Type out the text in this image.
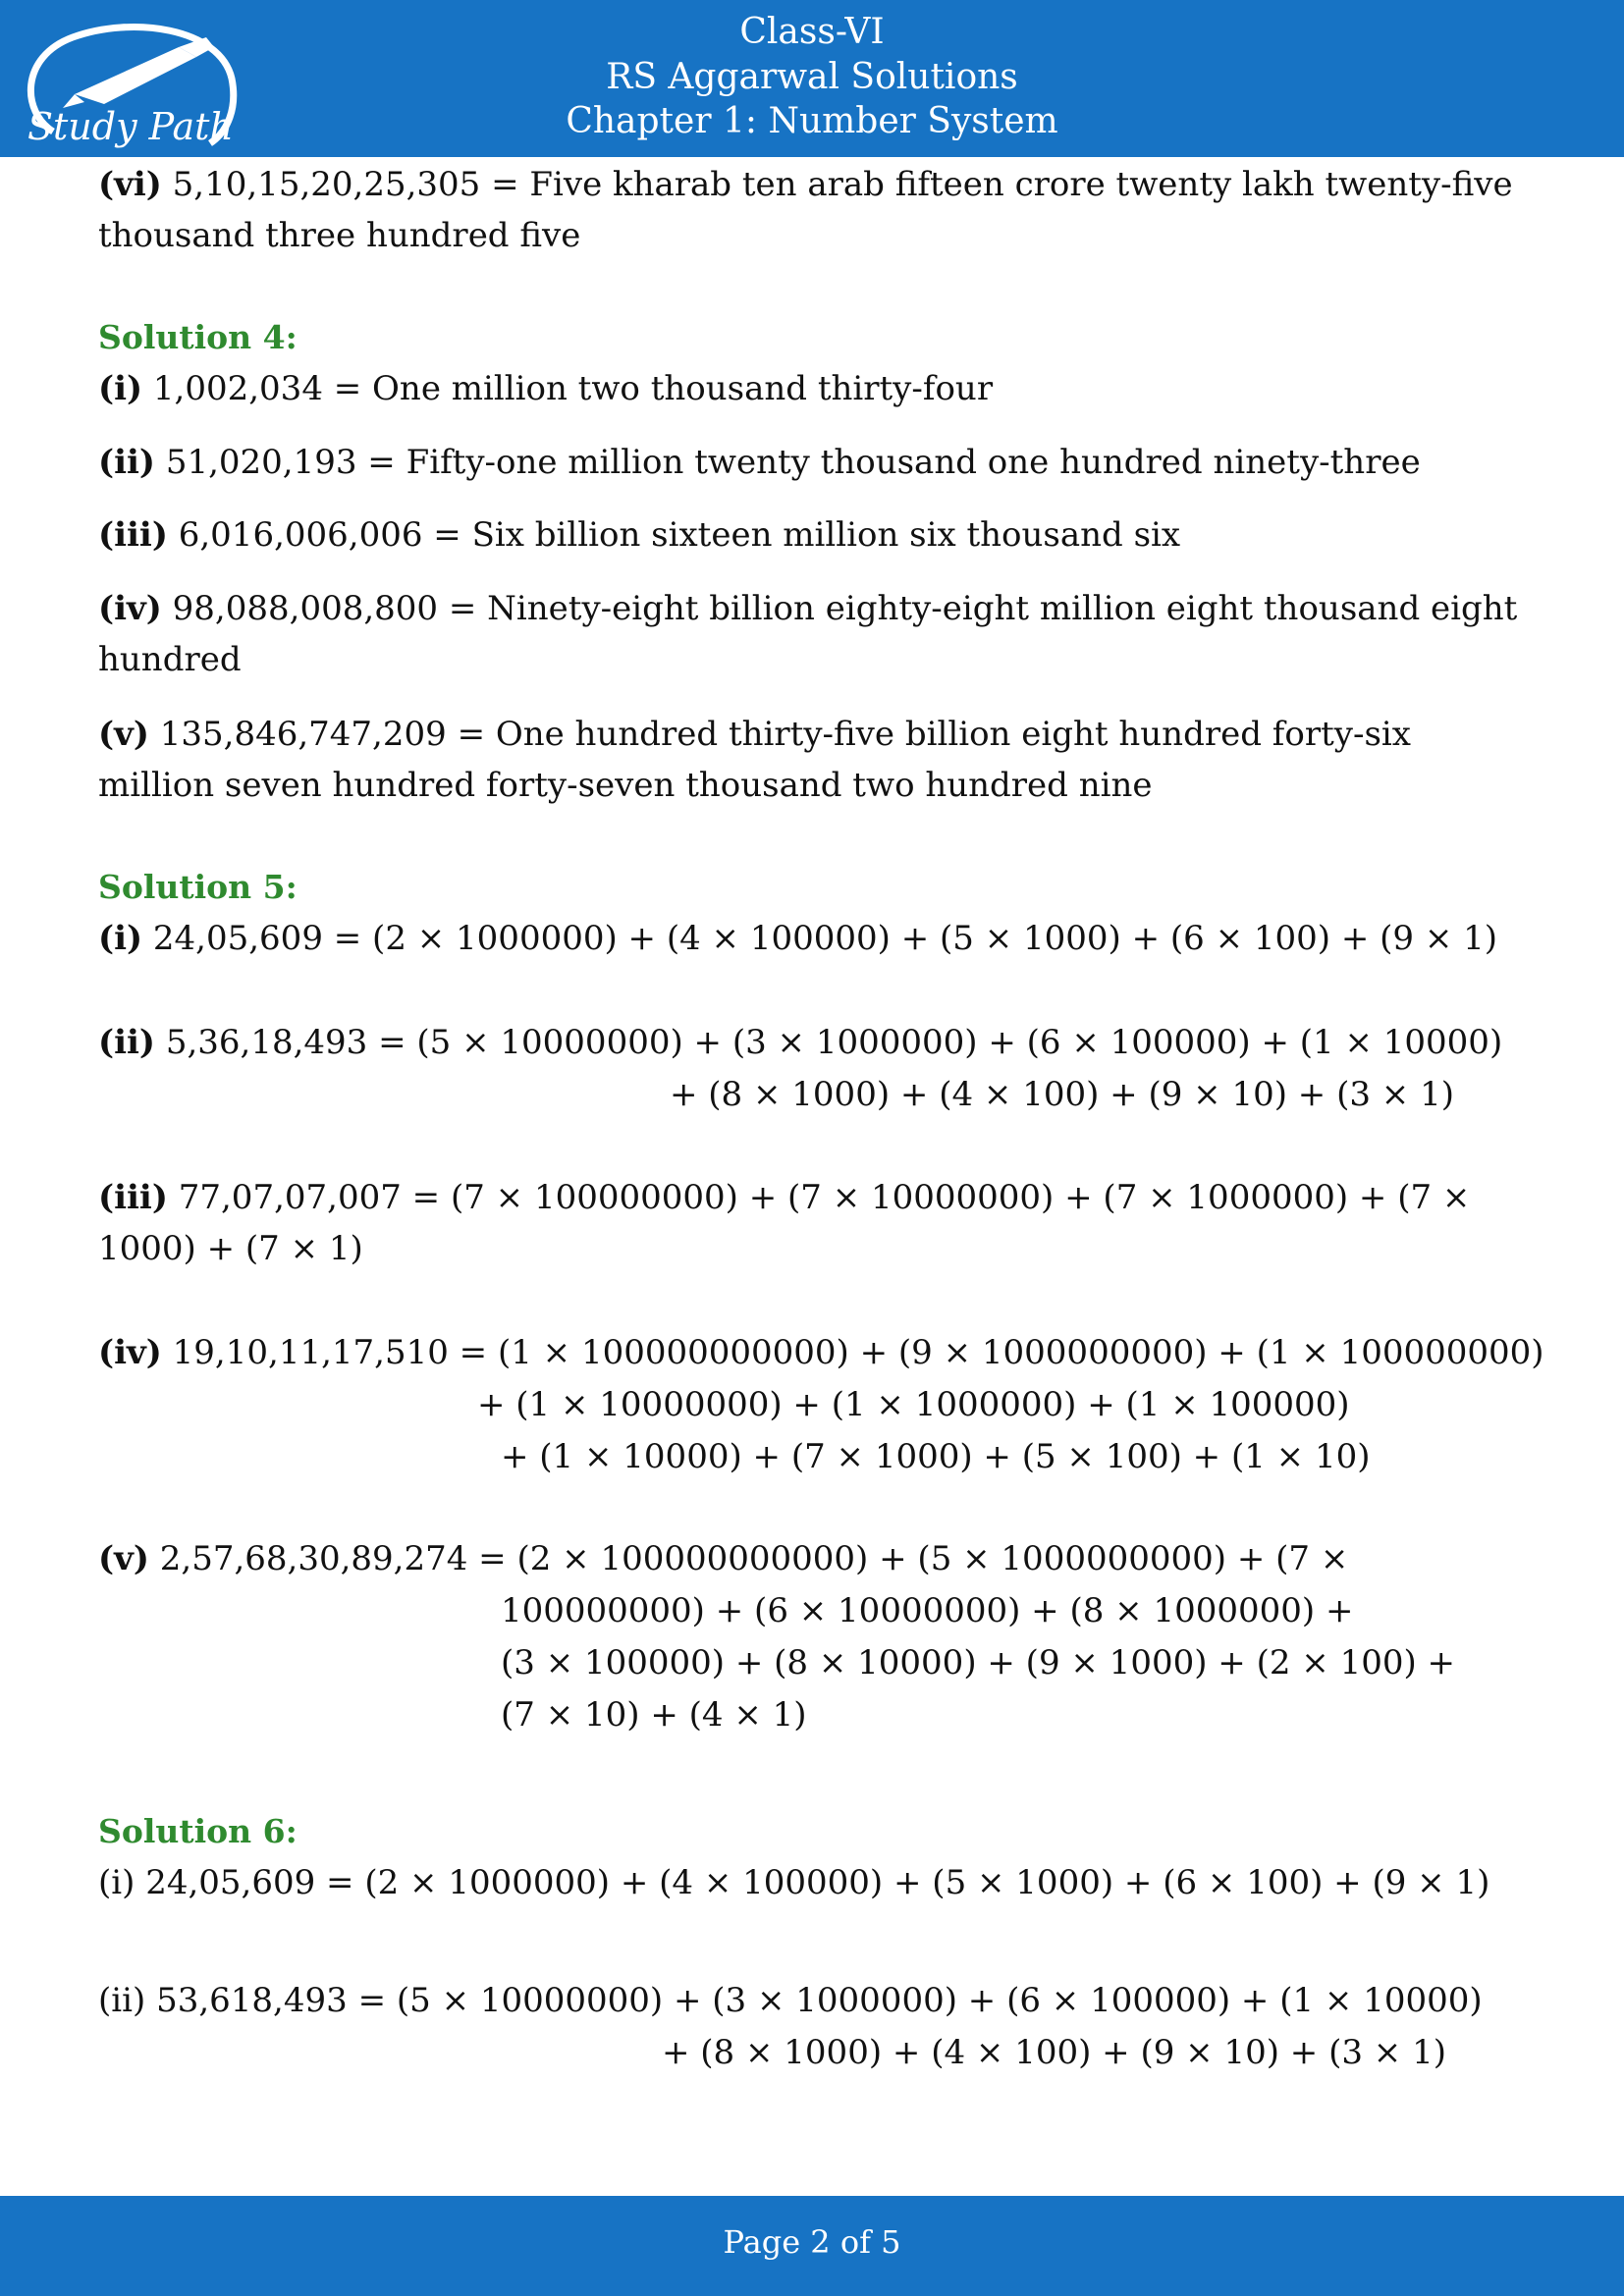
Study Path
Class-VI
RS Aggarwal Solutions
Chapter 1: Number System
(vi) 5,10,15,20,25,305 = Five kharab ten arab fifteen crore twenty lakh twenty-five thousand three hundred five
Solution 4:
(i) 1,002,034 = One million two thousand thirty-four
(ii) 51,020,193 = Fifty-one million twenty thousand one hundred ninety-three
(iii) 6,016,006,006 = Six billion sixteen million six thousand six
(iv) 98,088,008,800 = Ninety-eight billion eighty-eight million eight thousand eight hundred
(v) 135,846,747,209 = One hundred thirty-five billion eight hundred forty-six million seven hundred forty-seven thousand two hundred nine
Solution 5:
(i) 24,05,609 = (2 × 1000000) + (4 × 100000) + (5 × 1000) + (6 × 100) + (9 × 1)
(ii) 5,36,18,493 = (5 × 10000000) + (3 × 1000000) + (6 × 100000) + (1 × 10000)
+ (8 × 1000) + (4 × 100) + (9 × 10) + (3 × 1)
(iii) 77,07,07,007 = (7 × 100000000) + (7 × 10000000) + (7 × 1000000) + (7 × 1000) + (7 × 1)
(iv) 19,10,11,17,510 = (1 × 100000000000) + (9 × 1000000000) + (1 × 100000000)
+ (1 × 10000000) + (1 × 1000000) + (1 × 100000)
+ (1 × 10000) + (7 × 1000) + (5 × 100) + (1 × 10)
(v) 2,57,68,30,89,274 = (2 × 100000000000) + (5 × 1000000000) + (7 ×
100000000) + (6 × 10000000) + (8 × 1000000) +
(3 × 100000) + (8 × 10000) + (9 × 1000) + (2 × 100) +
(7 × 10) + (4 × 1)
Solution 6:
(i) 24,05,609 = (2 × 1000000) + (4 × 100000) + (5 × 1000) + (6 × 100) + (9 × 1)
(ii) 53,618,493 = (5 × 10000000) + (3 × 1000000) + (6 × 100000) + (1 × 10000)
+ (8 × 1000) + (4 × 100) + (9 × 10) + (3 × 1)
Page 2 of 5
